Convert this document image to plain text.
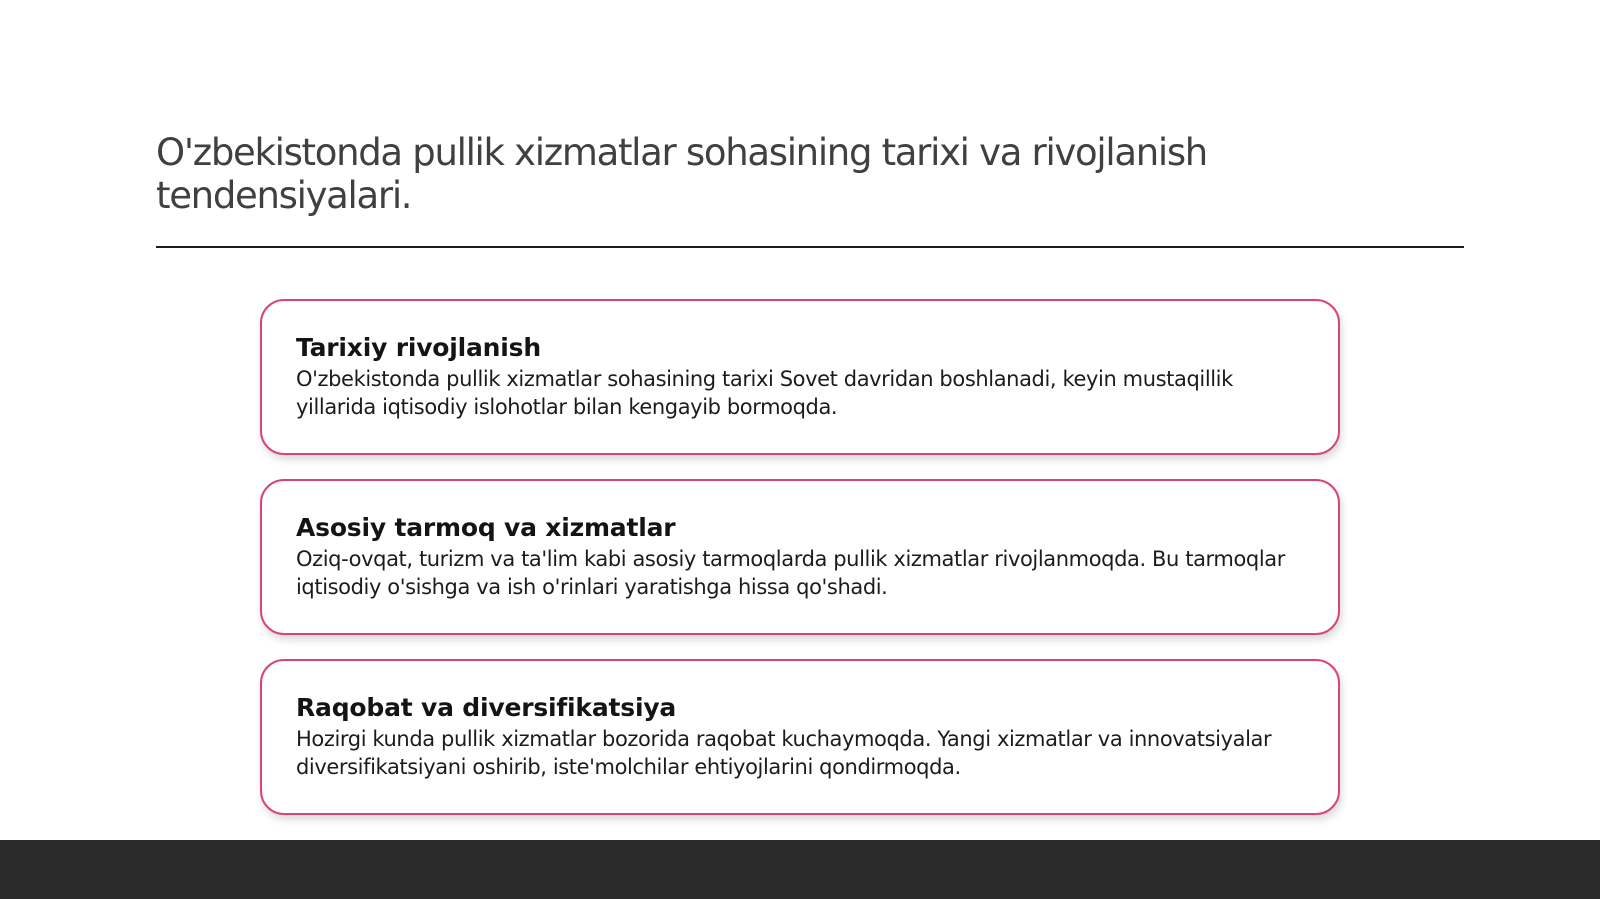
O'zbekistonda pullik xizmatlar sohasining tarixi va rivojlanish tendensiyalari.
Tarixiy rivojlanish

O'zbekistonda pullik xizmatlar sohasining tarixi Sovet davridan boshlanadi, keyin mustaqillik yillarida iqtisodiy islohotlar bilan kengayib bormoqda.

Asosiy tarmoq va xizmatlar

Oziq-ovqat, turizm va ta'lim kabi asosiy tarmoqlarda pullik xizmatlar rivojlanmoqda. Bu tarmoqlar iqtisodiy o'sishga va ish o'rinlari yaratishga hissa qo'shadi.

Raqobat va diversifikatsiya

Hozirgi kunda pullik xizmatlar bozorida raqobat kuchaymoqda. Yangi xizmatlar va innovatsiyalar diversifikatsiyani oshirib, iste'molchilar ehtiyojlarini qondirmoqda.
